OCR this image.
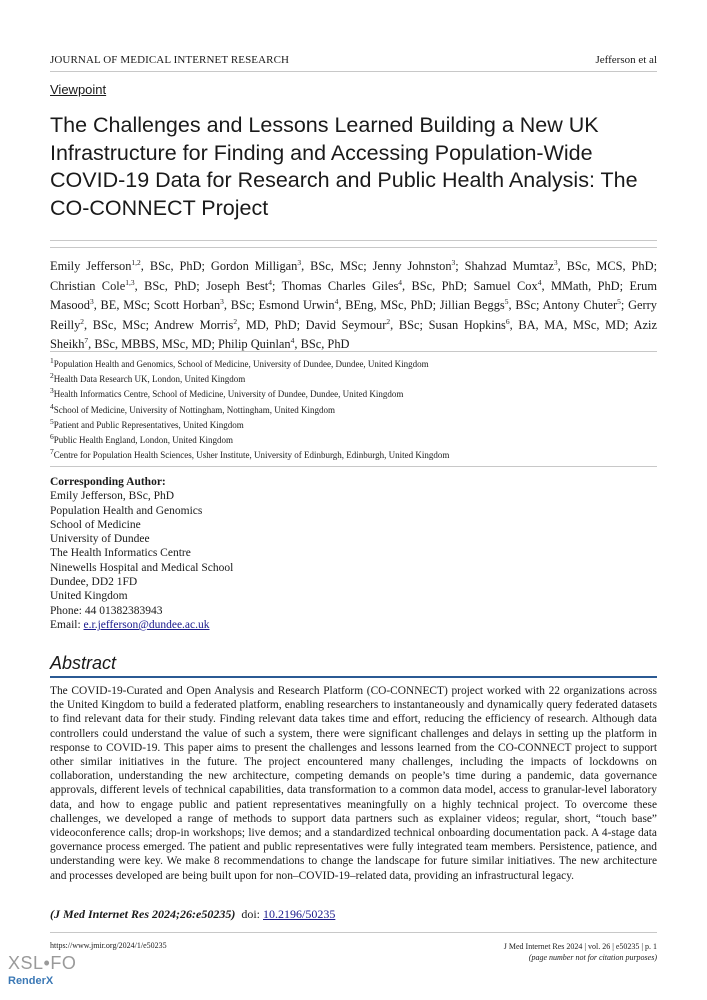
JOURNAL OF MEDICAL INTERNET RESEARCH	Jefferson et al
Viewpoint
The Challenges and Lessons Learned Building a New UK Infrastructure for Finding and Accessing Population-Wide COVID-19 Data for Research and Public Health Analysis: The CO-CONNECT Project

Emily Jefferson$^{1,2}$, BSc, PhD; Gordon Milligan$^3$, BSc, MSc; Jenny Johnston$^3$; Shahzad Mumtaz$^3$, BSc, MCS, PhD; Christian Cole$^{1,3}$, BSc, PhD; Joseph Best$^4$; Thomas Charles Giles$^4$, BSc, PhD; Samuel Cox$^4$, MMath, PhD; Erum Masood$^3$, BE, MSc; Scott Horban$^3$, BSc; Esmond Urwin$^4$, BEng, MSc, PhD; Jillian Beggs$^5$, BSc; Antony Chuter$^5$; Gerry Reilly$^2$, BSc, MSc; Andrew Morris$^2$, MD, PhD; David Seymour$^2$, BSc; Susan Hopkins$^6$, BA, MA, MSc, MD; Aziz Sheikh$^7$, BSc, MBBS, MSc, MD; Philip Quinlan$^4$, BSc, PhD

$^1$Population Health and Genomics, School of Medicine, University of Dundee, Dundee, United Kingdom
$^2$Health Data Research UK, London, United Kingdom
$^3$Health Informatics Centre, School of Medicine, University of Dundee, Dundee, United Kingdom
$^4$School of Medicine, University of Nottingham, Nottingham, United Kingdom
$^5$Patient and Public Representatives, United Kingdom
$^6$Public Health England, London, United Kingdom
$^7$Centre for Population Health Sciences, Usher Institute, University of Edinburgh, Edinburgh, United Kingdom
Corresponding Author:
Emily Jefferson, BSc, PhD
Population Health and Genomics
School of Medicine
University of Dundee
The Health Informatics Centre
Ninewells Hospital and Medical School
Dundee, DD2 1FD
United Kingdom
Phone: 44 01382383943
Email: e.r.jefferson@dundee.ac.uk
Abstract

The COVID-19-Curated and Open Analysis and Research Platform (CO-CONNECT) project worked with 22 organizations across the United Kingdom to build a federated platform, enabling researchers to instantaneously and dynamically query federated datasets to find relevant data for their study. Finding relevant data takes time and effort, reducing the efficiency of research. Although data controllers could understand the value of such a system, there were significant challenges and delays in setting up the platform in response to COVID-19. This paper aims to present the challenges and lessons learned from the CO-CONNECT project to support other similar initiatives in the future. The project encountered many challenges, including the impacts of lockdowns on collaboration, understanding the new architecture, competing demands on people’s time during a pandemic, data governance approvals, different levels of technical capabilities, data transformation to a common data model, access to granular-level laboratory data, and how to engage public and patient representatives meaningfully on a highly technical project. To overcome these challenges, we developed a range of methods to support data partners such as explainer videos; regular, short, “touch base” videoconference calls; drop-in workshops; live demos; and a standardized technical onboarding documentation pack. A 4-stage data governance process emerged. The patient and public representatives were fully integrated team members. Persistence, patience, and understanding were key. We make 8 recommendations to change the landscape for future similar initiatives. The new architecture and processes developed are being built upon for non–COVID-19–related data, providing an infrastructural legacy.

(J Med Internet Res 2024;26:e50235) doi: 10.2196/50235
https://www.jmir.org/2024/1/e50235	J Med Internet Res 2024 | vol. 26 | e50235 | p. 1
(page number not for citation purposes)
XSL•FO
RenderX
